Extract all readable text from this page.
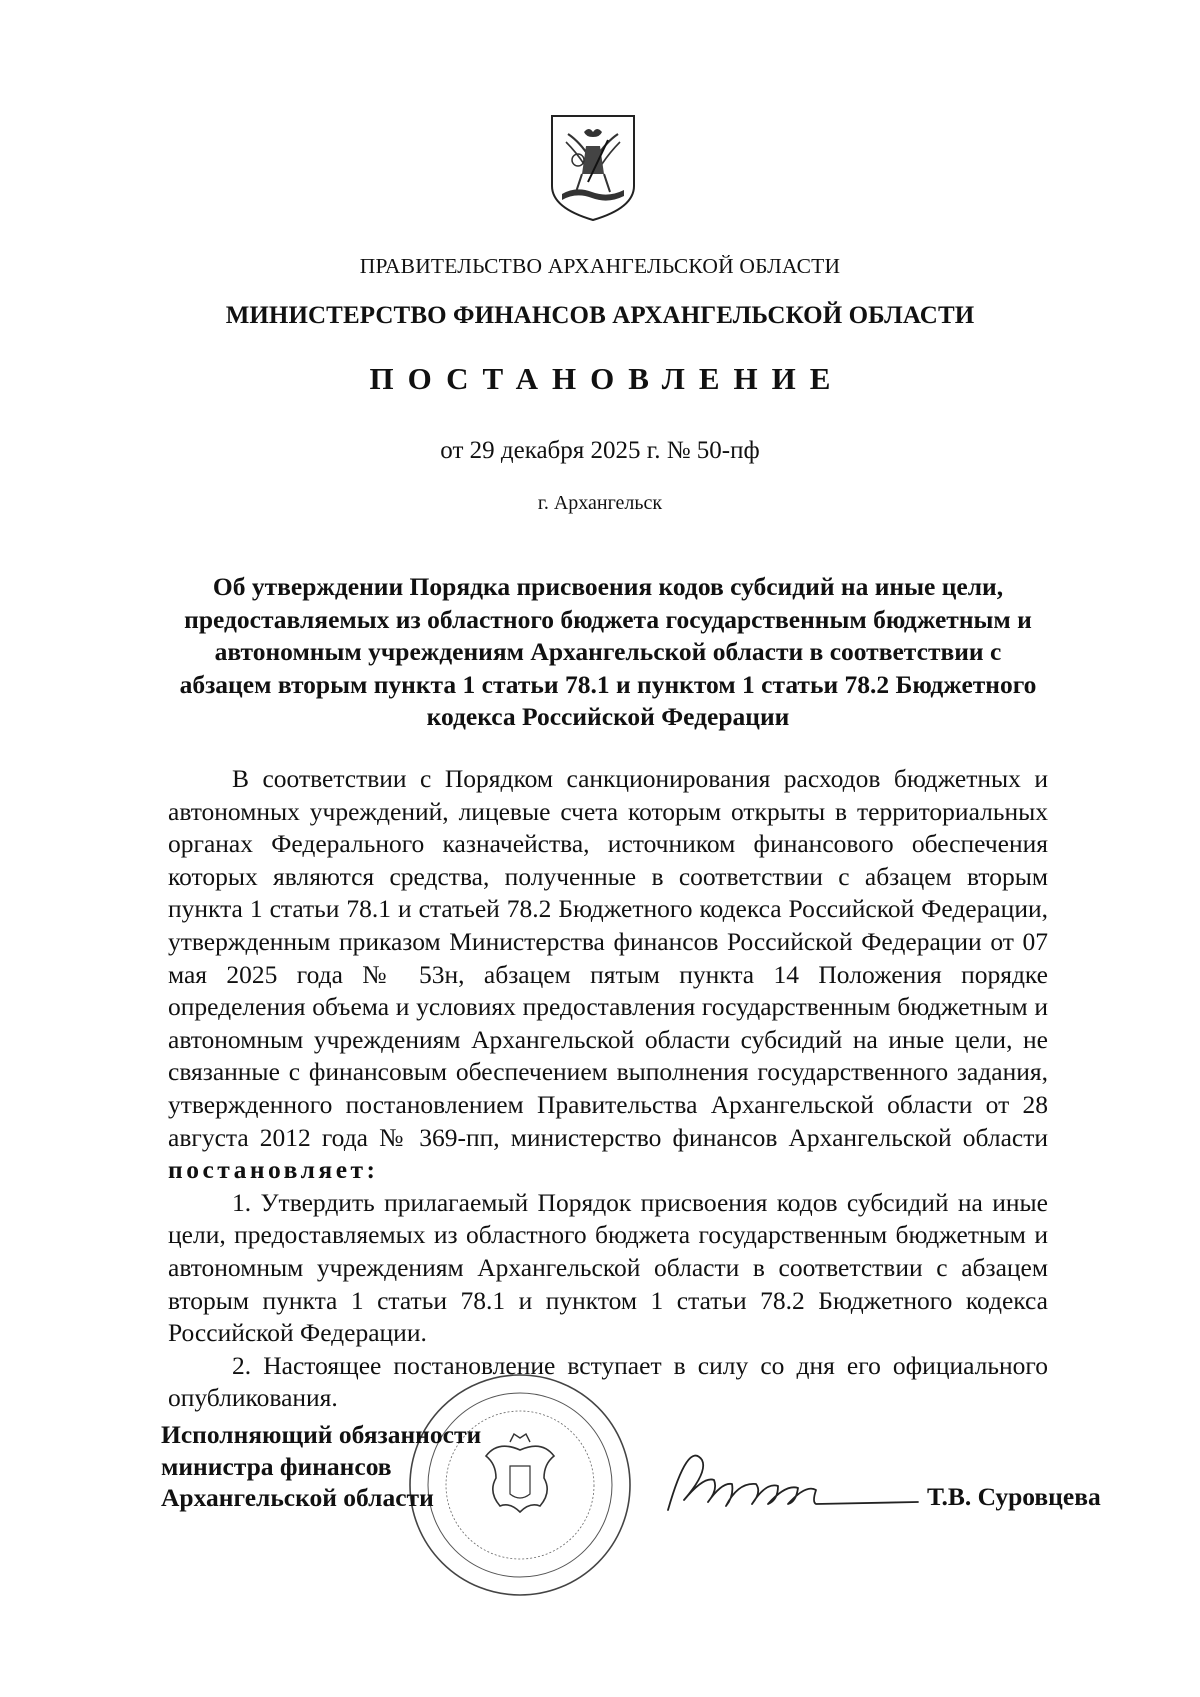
ПРАВИТЕЛЬСТВО АРХАНГЕЛЬСКОЙ ОБЛАСТИ
МИНИСТЕРСТВО ФИНАНСОВ АРХАНГЕЛЬСКОЙ ОБЛАСТИ
ПОСТАНОВЛЕНИЕ
от 29 декабря 2025 г. № 50-пф
г. Архангельск

Об утверждении Порядка присвоения кодов субсидий на иные цели, предоставляемых из областного бюджета государственным бюджетным и автономным учреждениям Архангельской области в соответствии с абзацем вторым пункта 1 статьи 78.1 и пунктом 1 статьи 78.2 Бюджетного кодекса Российской Федерации

В соответствии с Порядком санкционирования расходов бюджетных и автономных учреждений, лицевые счета которым открыты в территориальных органах Федерального казначейства, источником финансового обеспечения которых являются средства, полученные в соответствии с абзацем вторым пункта 1 статьи 78.1 и статьей 78.2 Бюджетного кодекса Российской Федерации, утвержденным приказом Министерства финансов Российской Федерации от 07 мая 2025 года № 53н, абзацем пятым пункта 14 Положения порядке определения объема и условиях предоставления государственным бюджетным и автономным учреждениям Архангельской области субсидий на иные цели, не связанные с финансовым обеспечением выполнения государственного задания, утвержденного постановлением Правительства Архангельской области от 28 августа 2012 года № 369-пп, министерство финансов Архангельской области постановляет:

1. Утвердить прилагаемый Порядок присвоения кодов субсидий на иные цели, предоставляемых из областного бюджета государственным бюджетным и автономным учреждениям Архангельской области в соответствии с абзацем вторым пункта 1 статьи 78.1 и пунктом 1 статьи 78.2 Бюджетного кодекса Российской Федерации.

2. Настоящее постановление вступает в силу со дня его официального опубликования.

Исполняющий обязанности
министра финансов
Архангельской области	Т.В. Суровцева
